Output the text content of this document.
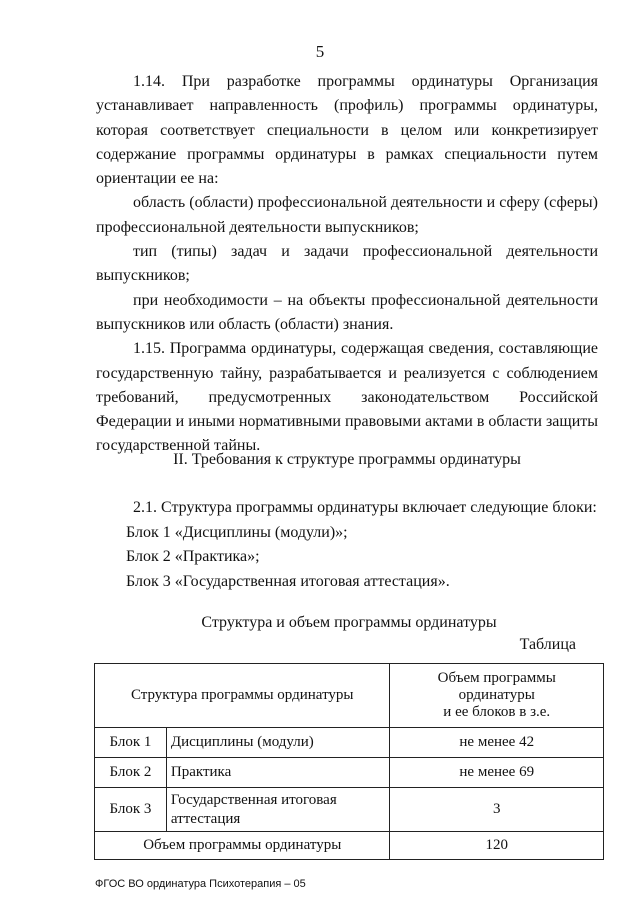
5

1.14. При разработке программы ординатуры Организация устанавливает направленность (профиль) программы ординатуры, которая соответствует специальности в целом или конкретизирует содержание программы ординатуры в рамках специальности путем ориентации ее на:

область (области) профессиональной деятельности и сферу (сферы) профессиональной деятельности выпускников;

тип (типы) задач и задачи профессиональной деятельности выпускников;

при необходимости – на объекты профессиональной деятельности выпускников или область (области) знания.

1.15. Программа ординатуры, содержащая сведения, составляющие государственную тайну, разрабатывается и реализуется с соблюдением требований, предусмотренных законодательством Российской Федерации и иными нормативными правовыми актами в области защиты государственной тайны.

II. Требования к структуре программы ординатуры

2.1. Структура программы ординатуры включает следующие блоки:

Блок 1 «Дисциплины (модули)»;

Блок 2 «Практика»;

Блок 3 «Государственная итоговая аттестация».

Структура и объем программы ординатуры
Таблица
Структура программы ординатуры		Объем программы
ординатуры
и ее блоков в з.е.

Блок 1	Дисциплины (модули)	не менее 42
Блок 2	Практика	не менее 69
Блок 3	Государственная итоговая аттестация	3
Объем программы ординатуры		120
ФГОС ВО ординатура Психотерапия – 05
